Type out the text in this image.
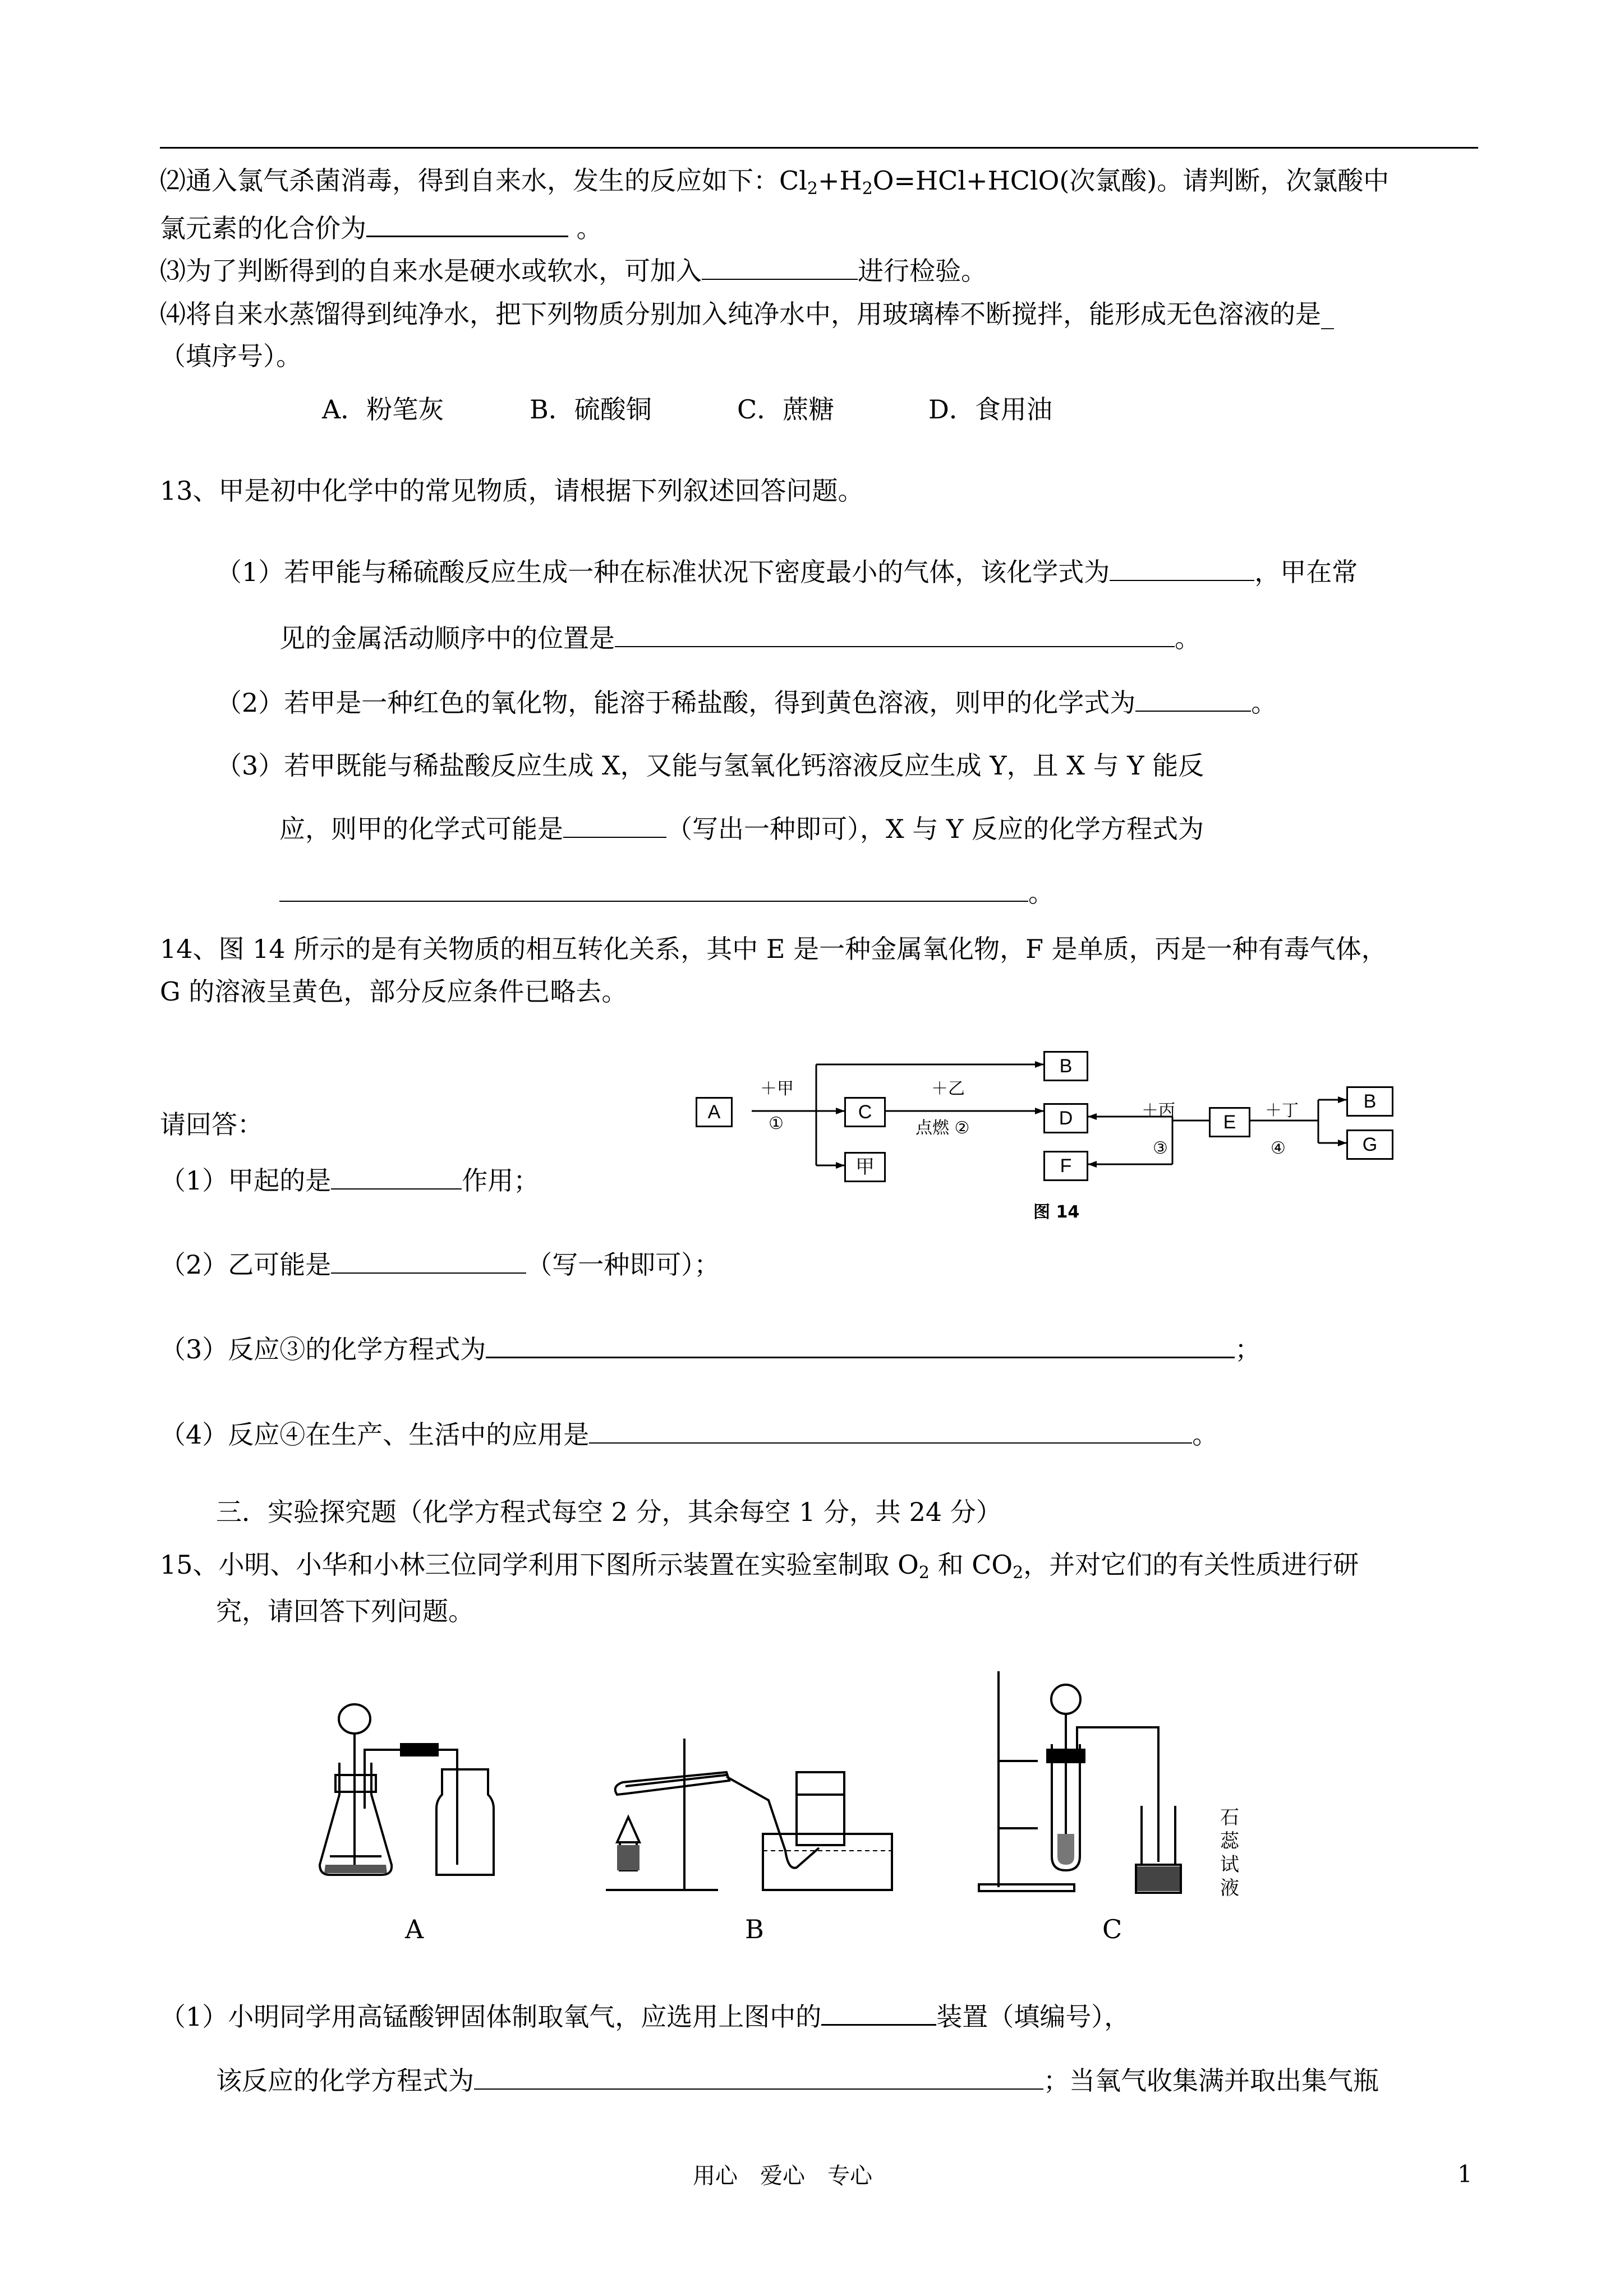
⑵通入氯气杀菌消毒，得到自来水，发生的反应如下：$Cl_2+H_2O=HCl+HClO$(次氯酸)。请判断，次氯酸中
氯元素的化合价为	。
⑶为了判断得到的自来水是硬水或软水，可加入	进行检验。
⑷将自来水蒸馏得到纯净水，把下列物质分别加入纯净水中，用玻璃棒不断搅拌，能形成无色溶液的是_
（填序号）。
A．粉笔灰	B．硫酸铜	C．蔗糖	D．食用油
13、甲是初中化学中的常见物质，请根据下列叙述回答问题。
（1）若甲能与稀硫酸反应生成一种在标准状况下密度最小的气体，该化学式为	，甲在常
见的金属活动顺序中的位置是	。
（2）若甲是一种红色的氧化物，能溶于稀盐酸，得到黄色溶液，则甲的化学式为	。
（3）若甲既能与稀盐酸反应生成 X，又能与氢氧化钙溶液反应生成 Y，且 X 与 Y 能反
应，则甲的化学式可能是	（写出一种即可），X 与 Y 反应的化学方程式为
。
14、图 14 所示的是有关物质的相互转化关系，其中 E 是一种金属氧化物，F 是单质，丙是一种有毒气体，
G 的溶液呈黄色，部分反应条件已略去。
请回答：	A	C
甲
B
D
F
E
B
G
＋甲
①
＋乙
点燃 ②
＋丙
③
＋丁
④
图 14
（1）甲起的是	作用；
（2）乙可能是	（写一种即可）；
（3）反应③的化学方程式为	；
（4）反应④在生产、生活中的应用是	。
三．实验探究题（化学方程式每空 2 分，其余每空 1 分，共 24 分）
15、小明、小华和小林三位同学利用下图所示装置在实验室制取 $O_2$ 和 $CO_2$，并对它们的有关性质进行研
究，请回答下列问题。
A	B
石
蕊
试
液
C
（1）小明同学用高锰酸钾固体制取氧气，应选用上图中的	装置（填编号），
该反应的化学方程式为	；当氧气收集满并取出集气瓶
用心　爱心　专心	1
